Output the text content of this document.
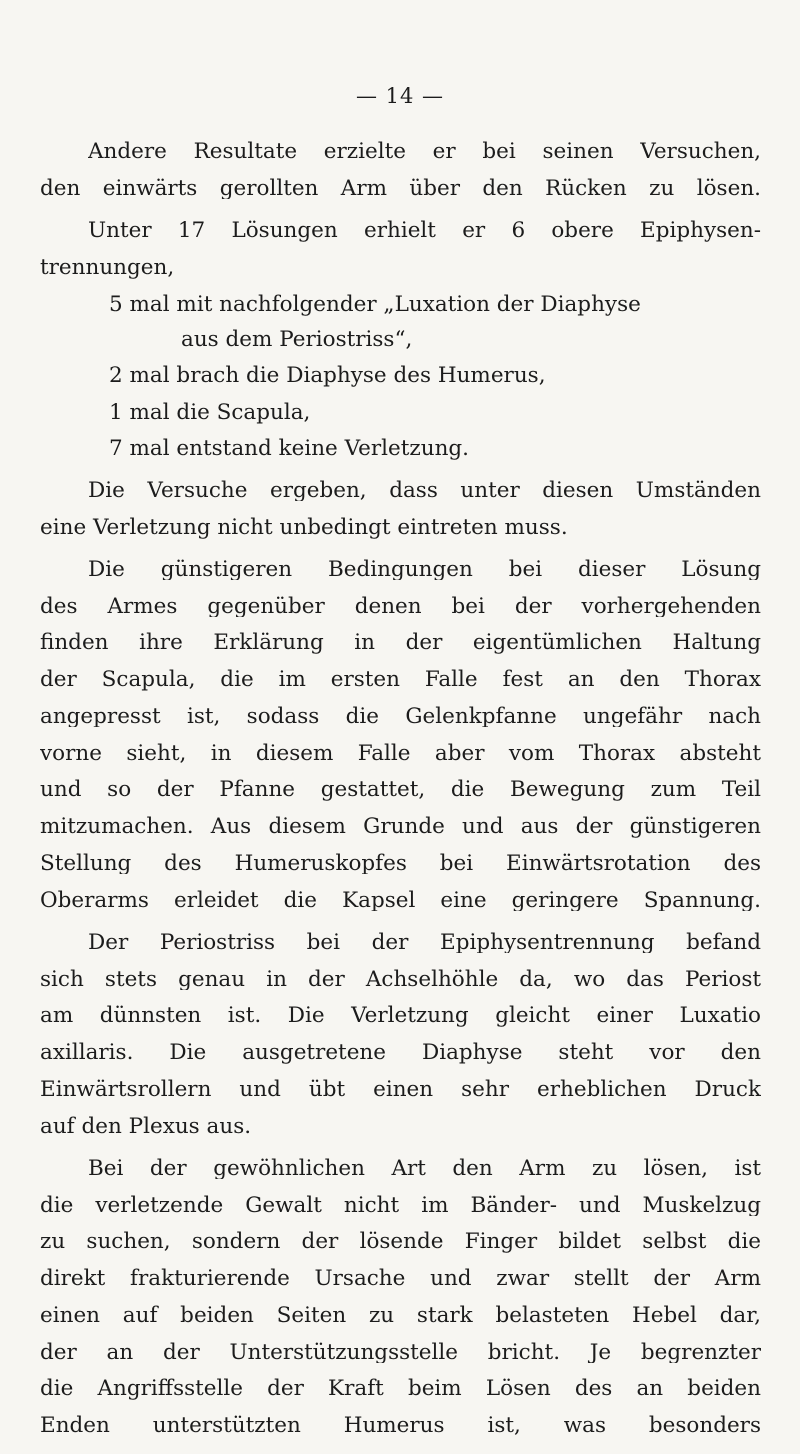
— 14 —
Andere Resultate erzielte er bei seinen Versuchen,
den einwärts gerollten Arm über den Rücken zu lösen.
Unter 17 Lösungen erhielt er 6 obere Epiphysen-
trennungen,
5 mal mit nachfolgender „Luxation der Diaphyse
aus dem Periostriss“,
2 mal brach die Diaphyse des Humerus,
1 mal die Scapula,
7 mal entstand keine Verletzung.
Die Versuche ergeben, dass unter diesen Umständen
eine Verletzung nicht unbedingt eintreten muss.
Die günstigeren Bedingungen bei dieser Lösung
des Armes gegenüber denen bei der vorhergehenden
finden ihre Erklärung in der eigentümlichen Haltung
der Scapula, die im ersten Falle fest an den Thorax
angepresst ist, sodass die Gelenkpfanne ungefähr nach
vorne sieht, in diesem Falle aber vom Thorax absteht
und so der Pfanne gestattet, die Bewegung zum Teil
mitzumachen. Aus diesem Grunde und aus der günstigeren
Stellung des Humeruskopfes bei Einwärtsrotation des
Oberarms erleidet die Kapsel eine geringere Spannung.
Der Periostriss bei der Epiphysentrennung befand
sich stets genau in der Achselhöhle da, wo das Periost
am dünnsten ist. Die Verletzung gleicht einer Luxatio
axillaris. Die ausgetretene Diaphyse steht vor den
Einwärtsrollern und übt einen sehr erheblichen Druck
auf den Plexus aus.
Bei der gewöhnlichen Art den Arm zu lösen, ist
die verletzende Gewalt nicht im Bänder- und Muskelzug
zu suchen, sondern der lösende Finger bildet selbst die
direkt frakturierende Ursache und zwar stellt der Arm
einen auf beiden Seiten zu stark belasteten Hebel dar,
der an der Unterstützungsstelle bricht. Je begrenzter
die Angriffsstelle der Kraft beim Lösen des an beiden
Enden unterstützten Humerus ist, was besonders
